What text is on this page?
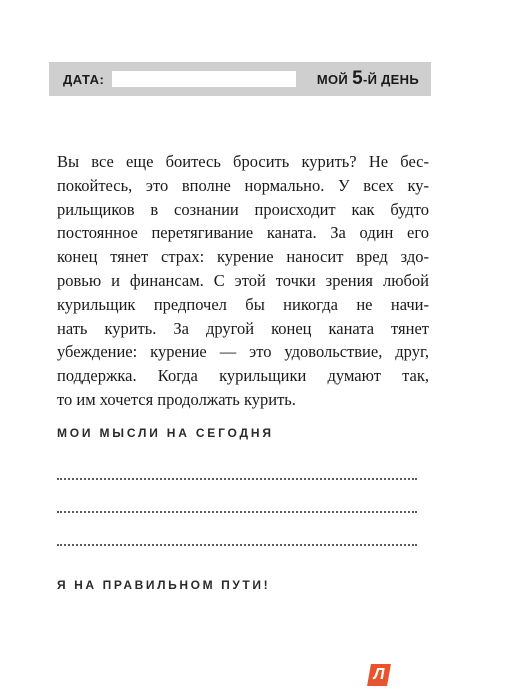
ДАТА:	МОЙ 5-Й ДЕНЬ
Вы все еще боитесь бросить курить? Не бес-
покойтесь, это вполне нормально. У всех ку-
рильщиков в сознании происходит как будто
постоянное перетягивание каната. За один его
конец тянет страх: курение наносит вред здо-
ровью и финансам. С этой точки зрения любой
курильщик предпочел бы никогда не начи-
нать курить. За другой конец каната тянет
убеждение: курение — это удовольствие, друг,
поддержка. Когда курильщики думают так,
то им хочется продолжать курить.
МОИ МЫСЛИ НА СЕГОДНЯ
Я НА ПРАВИЛЬНОМ ПУТИ!
Л
